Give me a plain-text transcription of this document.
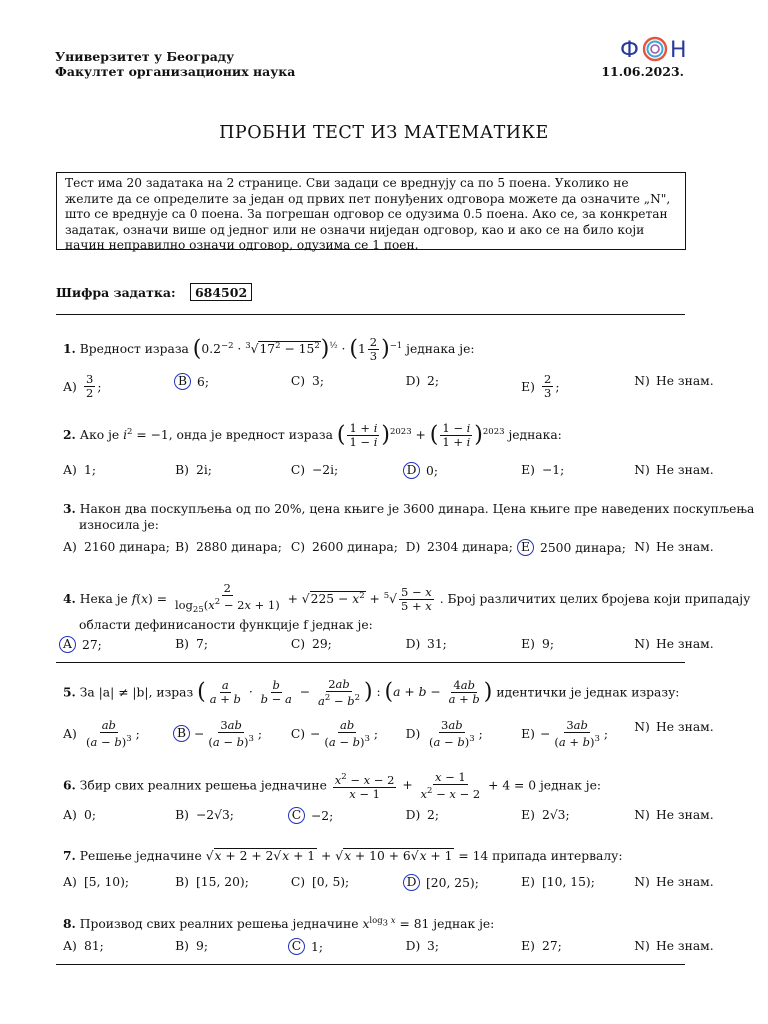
Универзитет у Београду
Факултет организационих наука
Ф Н
11.06.2023.
ПРОБНИ ТЕСТ ИЗ МАТЕМАТИКЕ
Тест има 20 задатака на 2 странице. Сви задаци се вреднују са по 5 поена. Уколико не желите да се определите за један од првих пет понуђених одговора можете да означите „N", што се вреднује са 0 поена. За погрешан одговор се одузима 0.5 поена. Ако се, за конкретан задатак, означи више од једног или не означи ниједан одговор, као и ако се на било који начин неправилно означи одговор, одузима се 1 поен.
Шифра задатка: 684502
1. Вредност израза $(0.2^{-2} \cdot ^3√17^2 - 15^2)^{\frac{1}{2}} \cdot (1 \frac{2}{3} )^{-1}$ једнака је:
$A) \frac{3}{2}$ ;	B 6;	C) 3;	D) 2;	$E) \frac{2}{3}$ ;	N) Не знам.
2. Ако је $i^2 = -1$, онда је вредност израза ( $\frac{1 + i}{1 - i} )^{2023}$ + ( $\frac{1 - i}{1 + i} )^{2023}$ једнака:
A) 1;	B) 2i;	C) −2i;	D 0;	E) −1;	N) Не знам.
3. Након два поскупљења од по 20%, цена књиге је 3600 динара. Цена књиге пре наведених поскупљења
износила је:
A) 2160 динара; B) 2880 динара; C) 2600 динара; D) 2304 динара; E 2500 динара; N) Не знам.
4. Нека је $f(x) = \frac{2}{\log_{25}(x^2 - 2x + 1)} + √225 - x^2 + ^5√ \frac{5 - x}{5 + x}$ . Број различитих целих бројева који припадају
области дефинисаности функције f једнак је:
A 27;	B) 7;	C) 29;	D) 31;	E) 9;	N) Не знам.
5. За |a| ≠ |b|, израз ( $\frac{a}{a + b} \cdot \frac{b}{b - a} - \frac{2ab}{a^2 - b^2}$ ) : ($a + b - \frac{4ab}{a + b}$ ) идентички је једнак изразу:
$A) \frac{ab}{(a - b)^3}$ ;	$B - \frac{3ab}{(a - b)^3}$ ; $C) - \frac{ab}{(a - b)^3}$ ; $D) \frac{3ab}{(a - b)^3}$ ;	$E) - \frac{3ab}{(a + b)^3}$ ; N) Не знам.
6. Збир свих реалних решења једначине $\frac{x^2 - x - 2}{x - 1} + \frac{x - 1}{x^2 - x - 2} + 4 = 0$ једнак је:
A) 0;	B) −2√3;	C −2;	D) 2;	E) 2√3;	N) Не знам.
7. Решење једначине √x + 2 + 2√x + 1 + √x + 10 + 6√x + 1 = 14 припада интервалу:
A) [5, 10);	B) [15, 20);	C) [0, 5);	D [20, 25);	E) [10, 15);	N) Не знам.
8. Производ свих реалних решења једначине $x^{log_3 x} = 81$ једнак је:
A) 81;	B) 9;	C 1;	D) 3;	E) 27;	N) Не знам.
